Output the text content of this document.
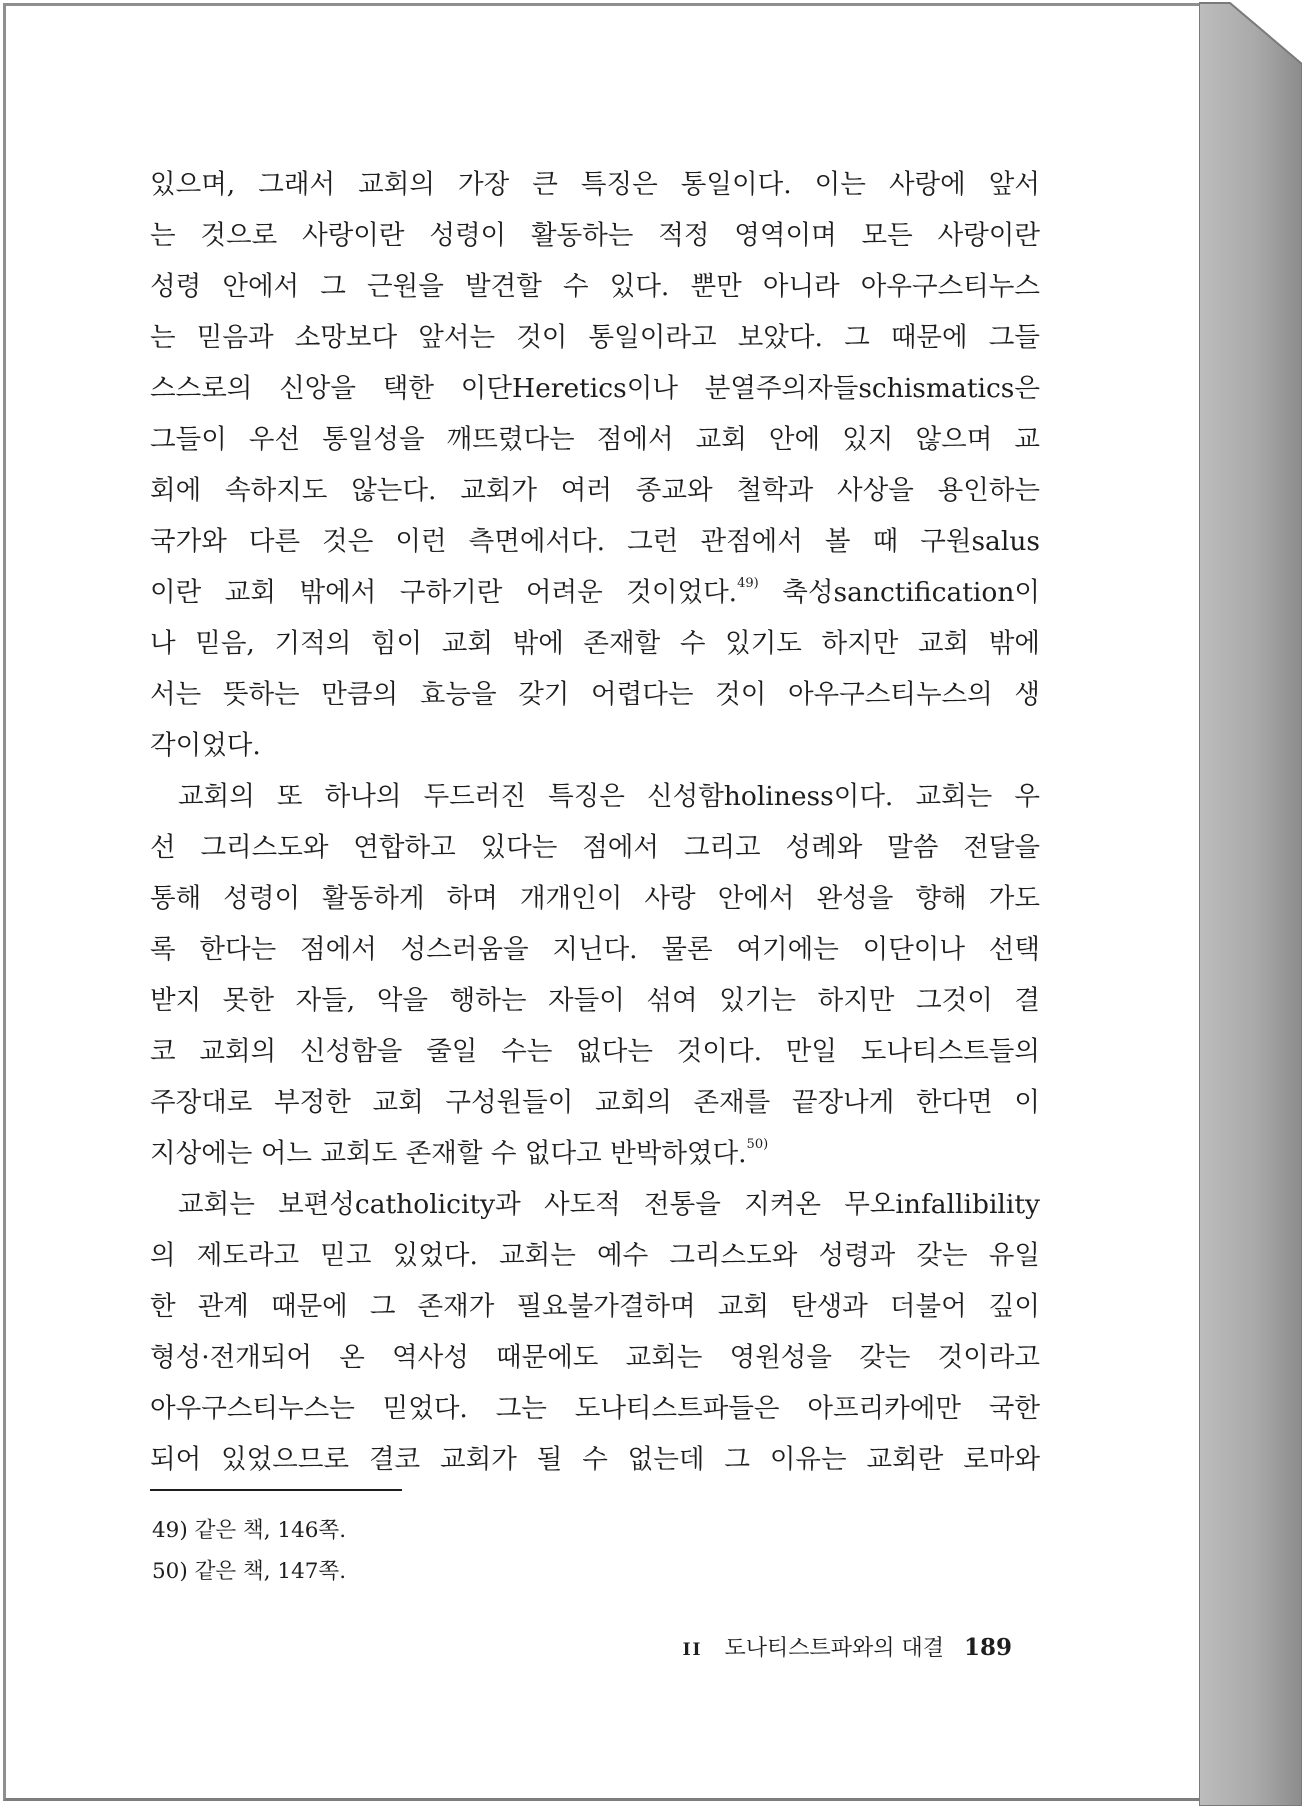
있으며, 그래서 교회의 가장 큰 특징은 통일이다. 이는 사랑에 앞서
는 것으로 사랑이란 성령이 활동하는 적정 영역이며 모든 사랑이란
성령 안에서 그 근원을 발견할 수 있다. 뿐만 아니라 아우구스티누스
는 믿음과 소망보다 앞서는 것이 통일이라고 보았다. 그 때문에 그들
스스로의 신앙을 택한 이단Heretics이나 분열주의자들schismatics은
그들이 우선 통일성을 깨뜨렸다는 점에서 교회 안에 있지 않으며 교
회에 속하지도 않는다. 교회가 여러 종교와 철학과 사상을 용인하는
국가와 다른 것은 이런 측면에서다. 그런 관점에서 볼 때 구원salus
이란 교회 밖에서 구하기란 어려운 것이었다.$^{49)}$ 축성sanctification이
나 믿음, 기적의 힘이 교회 밖에 존재할 수 있기도 하지만 교회 밖에
서는 뜻하는 만큼의 효능을 갖기 어렵다는 것이 아우구스티누스의 생
각이었다.
교회의 또 하나의 두드러진 특징은 신성함holiness이다. 교회는 우
선 그리스도와 연합하고 있다는 점에서 그리고 성례와 말씀 전달을
통해 성령이 활동하게 하며 개개인이 사랑 안에서 완성을 향해 가도
록 한다는 점에서 성스러움을 지닌다. 물론 여기에는 이단이나 선택
받지 못한 자들, 악을 행하는 자들이 섞여 있기는 하지만 그것이 결
코 교회의 신성함을 줄일 수는 없다는 것이다. 만일 도나티스트들의
주장대로 부정한 교회 구성원들이 교회의 존재를 끝장나게 한다면 이
지상에는 어느 교회도 존재할 수 없다고 반박하였다.$^{50)}$
교회는 보편성catholicity과 사도적 전통을 지켜온 무오infallibility
의 제도라고 믿고 있었다. 교회는 예수 그리스도와 성령과 갖는 유일
한 관계 때문에 그 존재가 필요불가결하며 교회 탄생과 더불어 깊이
형성·전개되어 온 역사성 때문에도 교회는 영원성을 갖는 것이라고
아우구스티누스는 믿었다. 그는 도나티스트파들은 아프리카에만 국한
되어 있었으므로 결코 교회가 될 수 없는데 그 이유는 교회란 로마와
49) 같은 책, 146쪽.
50) 같은 책, 147쪽.
II 도나티스트파와의 대결 189
